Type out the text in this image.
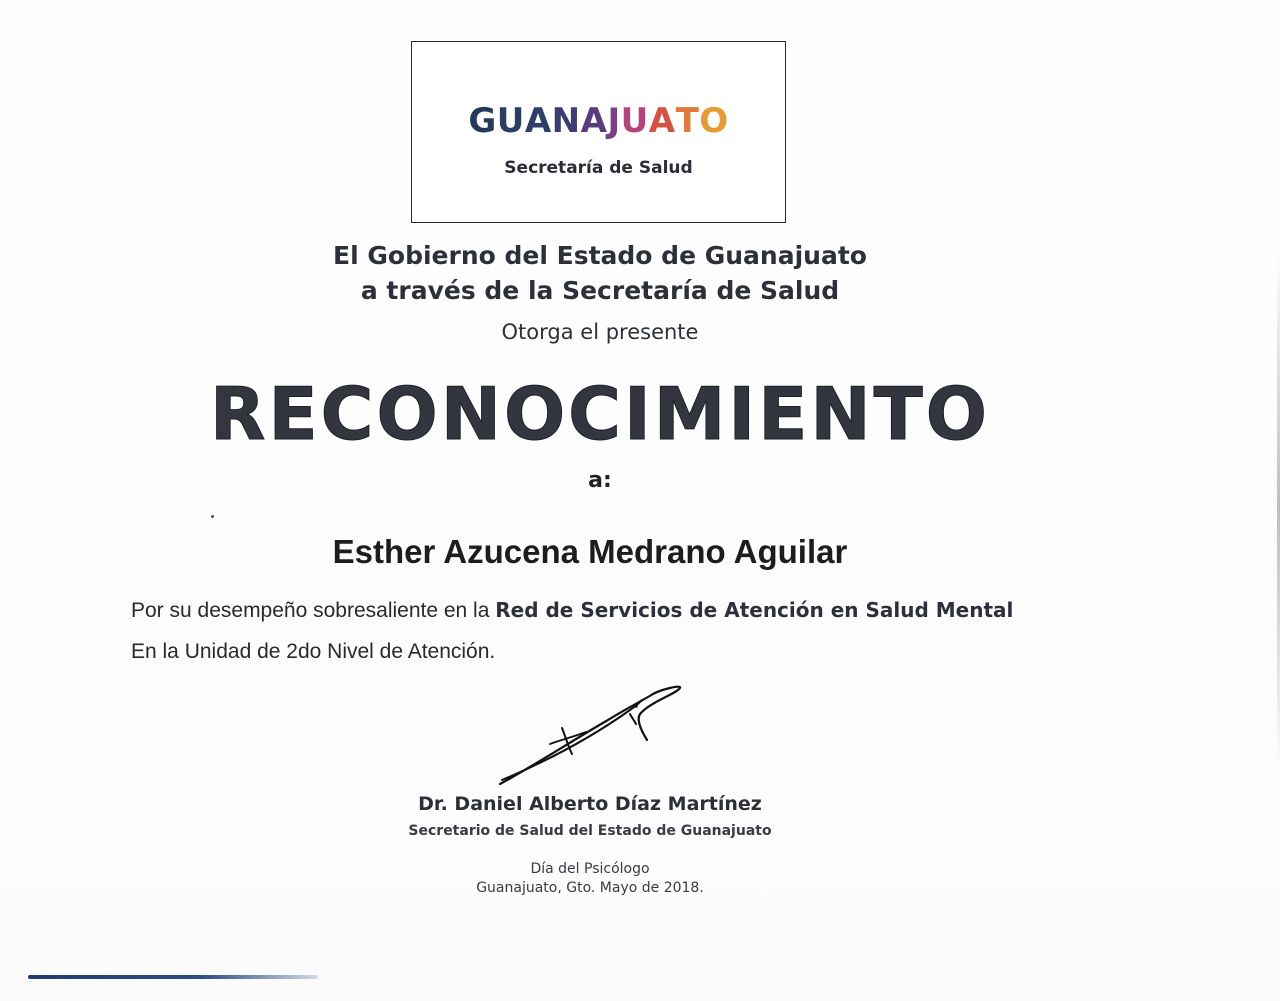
GUANAJUATO
Secretaría de Salud
El Gobierno del Estado de Guanajuato
a través de la Secretaría de Salud
Otorga el presente
RECONOCIMIENTO
a:
Esther Azucena Medrano Aguilar
Por su desempeño sobresaliente en la Red de Servicios de Atención en Salud Mental
En la Unidad de 2do Nivel de Atención.
Dr. Daniel Alberto Díaz Martínez
Secretario de Salud del Estado de Guanajuato
Día del Psicólogo
Guanajuato, Gto. Mayo de 2018.
